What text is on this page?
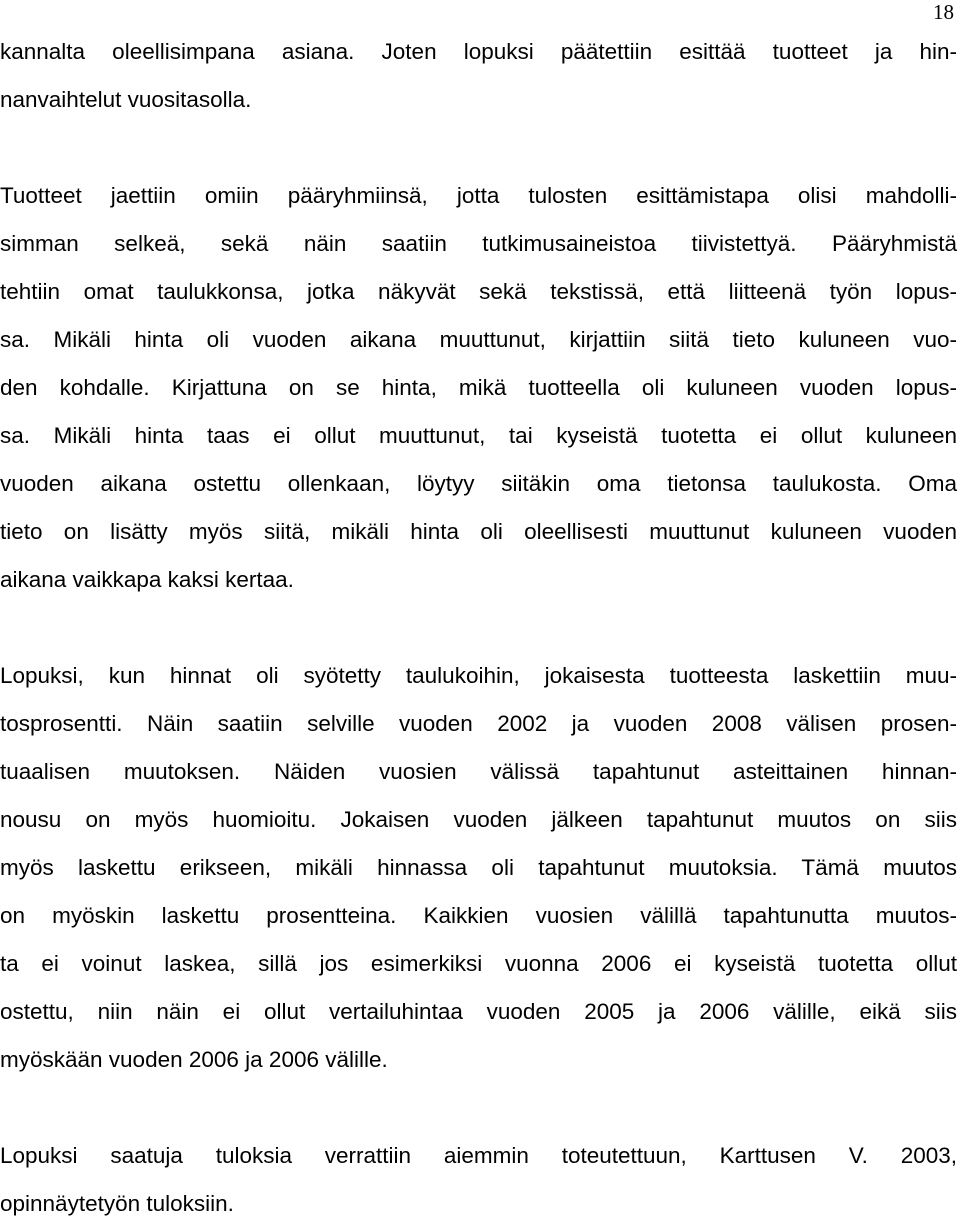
18
kannalta oleellisimpana asiana. Joten lopuksi päätettiin esittää tuotteet ja hin-
nanvaihtelut vuositasolla.
Tuotteet jaettiin omiin pääryhmiinsä, jotta tulosten esittämistapa olisi mahdolli-
simman selkeä, sekä näin saatiin tutkimusaineistoa tiivistettyä. Pääryhmistä
tehtiin omat taulukkonsa, jotka näkyvät sekä tekstissä, että liitteenä työn lopus-
sa. Mikäli hinta oli vuoden aikana muuttunut, kirjattiin siitä tieto kuluneen vuo-
den kohdalle. Kirjattuna on se hinta, mikä tuotteella oli kuluneen vuoden lopus-
sa. Mikäli hinta taas ei ollut muuttunut, tai kyseistä tuotetta ei ollut kuluneen
vuoden aikana ostettu ollenkaan, löytyy siitäkin oma tietonsa taulukosta. Oma
tieto on lisätty myös siitä, mikäli hinta oli oleellisesti muuttunut kuluneen vuoden
aikana vaikkapa kaksi kertaa.
Lopuksi, kun hinnat oli syötetty taulukoihin, jokaisesta tuotteesta laskettiin muu-
tosprosentti. Näin saatiin selville vuoden 2002 ja vuoden 2008 välisen prosen-
tuaalisen muutoksen. Näiden vuosien välissä tapahtunut asteittainen hinnan-
nousu on myös huomioitu. Jokaisen vuoden jälkeen tapahtunut muutos on siis
myös laskettu erikseen, mikäli hinnassa oli tapahtunut muutoksia. Tämä muutos
on myöskin laskettu prosentteina. Kaikkien vuosien välillä tapahtunutta muutos-
ta ei voinut laskea, sillä jos esimerkiksi vuonna 2006 ei kyseistä tuotetta ollut
ostettu, niin näin ei ollut vertailuhintaa vuoden 2005 ja 2006 välille, eikä siis
myöskään vuoden 2006 ja 2006 välille.
Lopuksi saatuja tuloksia verrattiin aiemmin toteutettuun, Karttusen V. 2003,
opinnäytetyön tuloksiin.
